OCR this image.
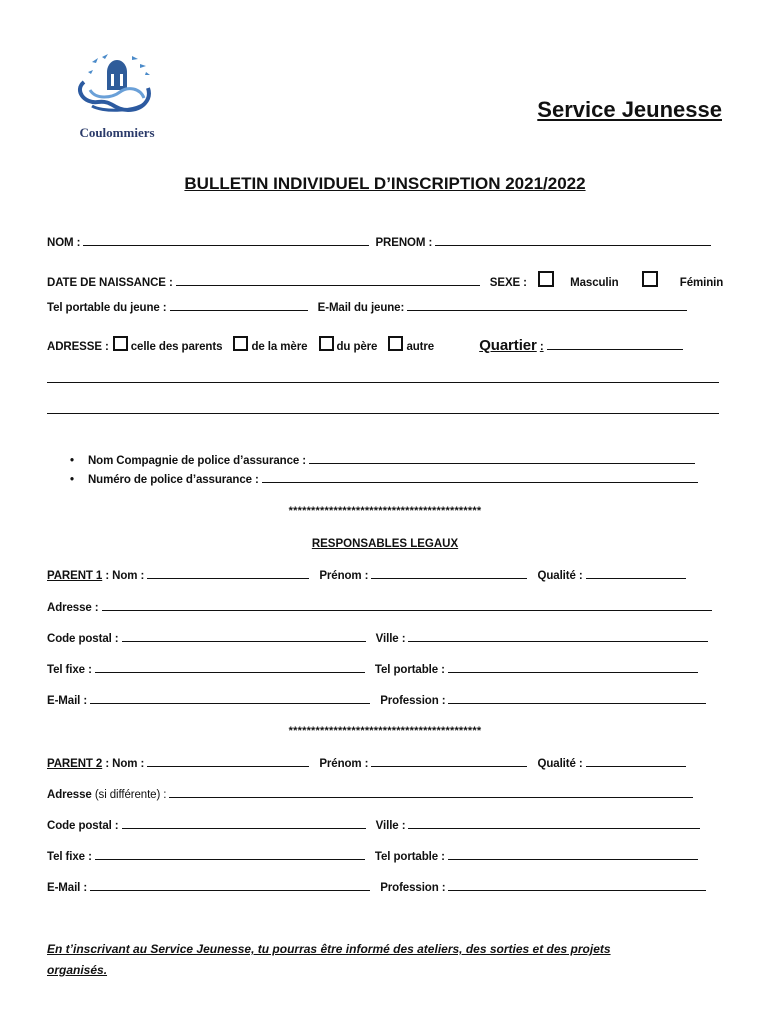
Coulommiers
Service Jeunesse
BULLETIN INDIVIDUEL D’INSCRIPTION 2021/2022
NOM :	PRENOM :
DATE DE NAISSANCE :	SEXE :	Masculin	Féminin
Tel portable du jeune :	E-Mail du jeune:
ADRESSE : celle des parents	de la mère	du père	autre	Quartier :
• Nom Compagnie de police d’assurance :
• Numéro de police d’assurance :
*******************************************
RESPONSABLES LEGAUX
PARENT 1 : Nom :	Prénom :	Qualité :
Adresse :
Code postal :	Ville :
Tel fixe :	Tel portable :
E-Mail :	Profession :
*******************************************
PARENT 2 : Nom :	Prénom :	Qualité :
Adresse (si différente) :
Code postal :	Ville :
Tel fixe :	Tel portable :
E-Mail :	Profession :
En t’inscrivant au Service Jeunesse, tu pourras être informé des ateliers, des sorties et des projets
organisés.
